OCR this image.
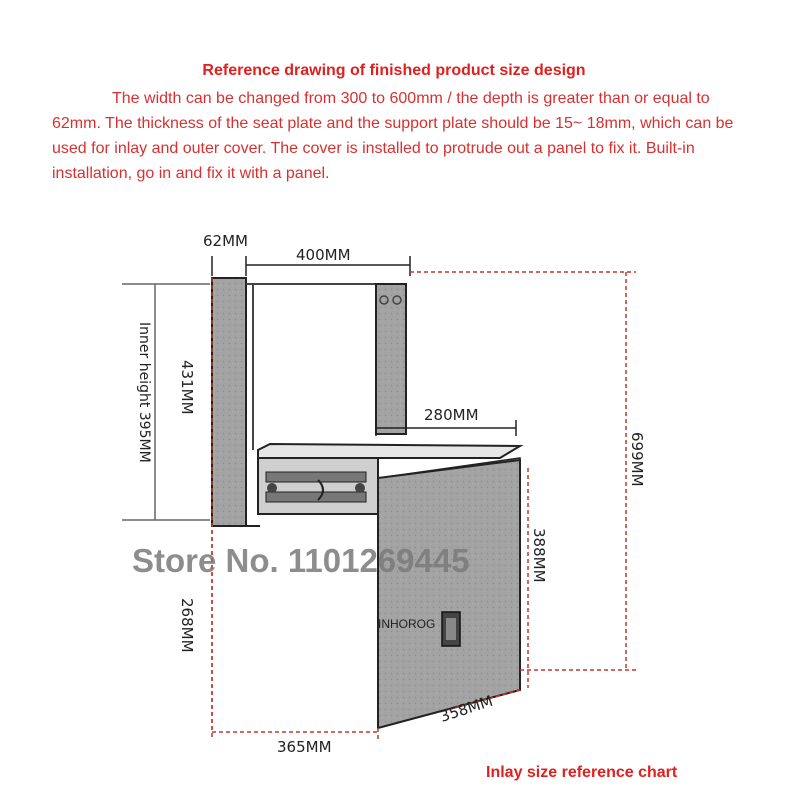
Reference drawing of finished product size design
The width can be changed from 300 to 600mm / the depth is greater than or equal to 62mm. The thickness of the seat plate and the support plate should be 15~ 18mm, which can be used for inlay and outer cover. The cover is installed to protrude out a panel to fix it. Built-in installation, go in and fix it with a panel.
62MM
400MM
431MM
Inner height 395MM	280MM
699MM
388MM
268MM
358MM
365MM
INHOROG
Store No. 1101269445
Inlay size reference chart
